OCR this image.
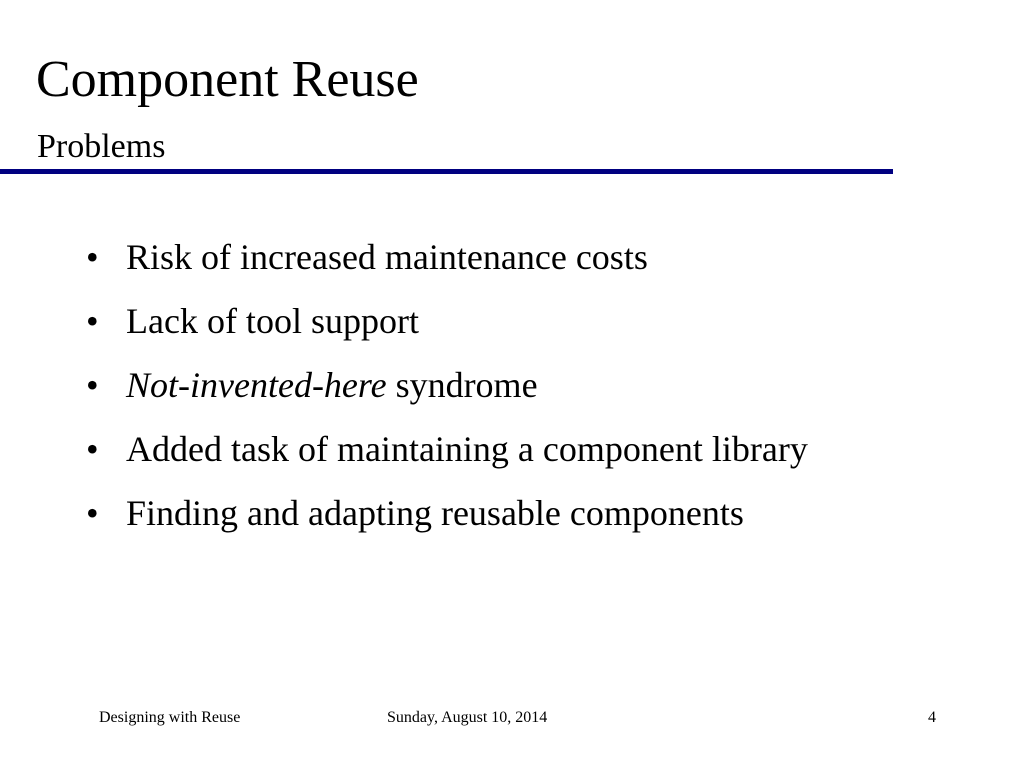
Component Reuse
Problems
• Risk of increased maintenance costs
• Lack of tool support
• Not-invented-here syndrome
• Added task of maintaining a component library
• Finding and adapting reusable components
Designing with Reuse	Sunday, August 10, 2014	4
